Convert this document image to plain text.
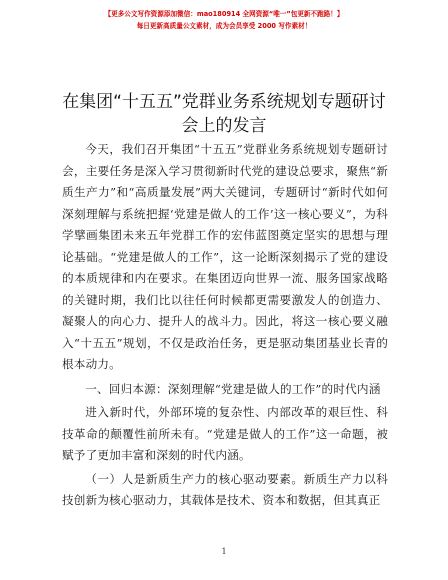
【更多公文写作资源添加微信：mao180914 全网资源“唯一”包更新不跑路！】
每日更新高质量公文素材，成为会员享受 2000 写作素材！
在集团“十五五”党群业务系统规划专题研讨
会上的发言

今天，我们召开集团“十五五”党群业务系统规划专题研讨会，主要任务是深入学习贯彻新时代党的建设总要求，聚焦“新质生产力”和“高质量发展”两大关键词，专题研讨“新时代如何深刻理解与系统把握‘党建是做人的工作’这一核心要义”，为科学擘画集团未来五年党群工作的宏伟蓝图奠定坚实的思想与理论基础。“党建是做人的工作”，这一论断深刻揭示了党的建设的本质规律和内在要求。在集团迈向世界一流、服务国家战略的关键时期，我们比以往任何时候都更需要激发人的创造力、凝聚人的向心力、提升人的战斗力。因此，将这一核心要义融入“十五五”规划，不仅是政治任务，更是驱动集团基业长青的根本动力。

一、回归本源：深刻理解“党建是做人的工作”的时代内涵

进入新时代，外部环境的复杂性、内部改革的艰巨性、科技革命的颠覆性前所未有。“党建是做人的工作”这一命题，被赋予了更加丰富和深刻的时代内涵。

（一）人是新质生产力的核心驱动要素。新质生产力以科技创新为核心驱动力，其载体是技术、资本和数据，但其真正

1
